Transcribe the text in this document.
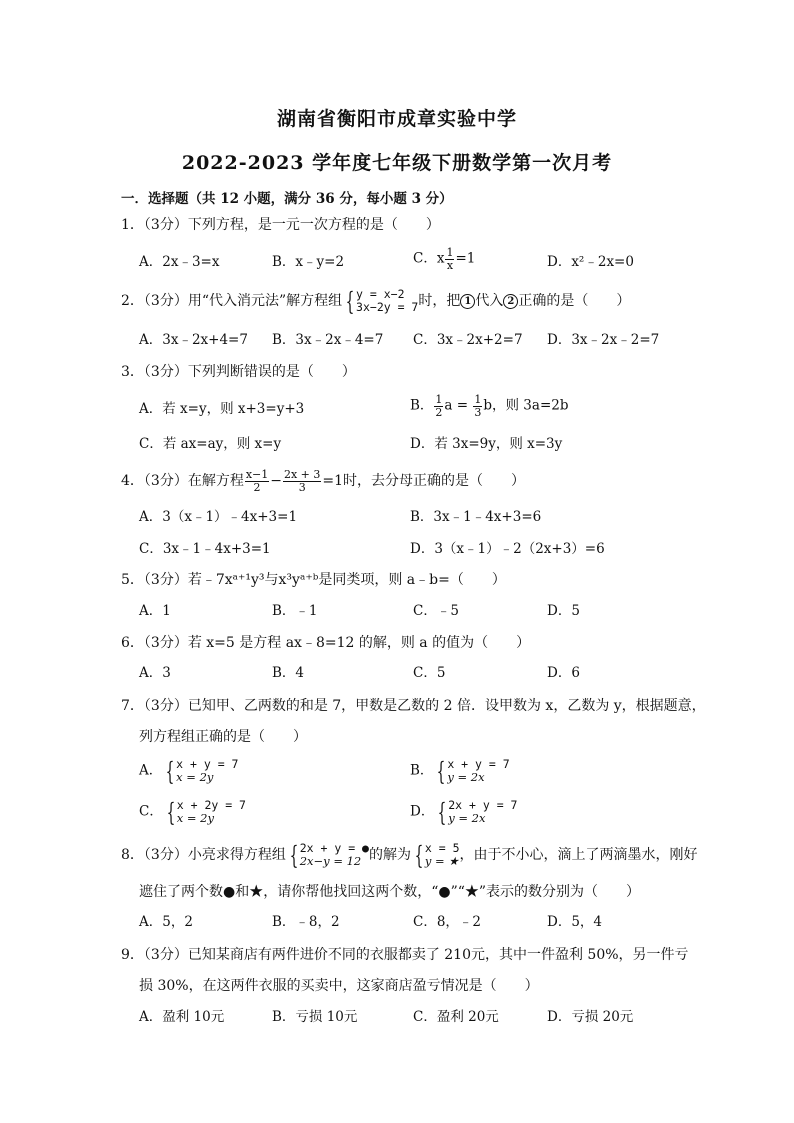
湖南省衡阳市成章实验中学
2022-2023 学年度七年级下册数学第一次月考
一．选择题（共 12 小题，满分 36 分，每小题 3 分）
1．（3分）下列方程，是一元一次方程的是（　　）
A．2x﹣3=x	B．x﹣y=2	C．x $\frac{1}{x} =1$	D．x²﹣2x=0
2．（3分）用“代入消元法”解方程组 { y = x−2
3x−2y = 7 时，把 1 代入 2 正确的是（　　）
A．3x﹣2x+4=7 B．3x﹣2x﹣4=7 C．3x﹣2x+2=7 D．3x﹣2x﹣2=7
3．（3分）下列判断错误的是（　　）
A．若 x=y，则 x+3=y+3	B． $\frac{1}{2}$ $a = \frac{1}{3}$ b，则 3a=2b
C．若 ax=ay，则 x=y	D．若 3x=9y，则 x=3y
4．（3分）在解方程 $\frac{x-1}{2} - \frac{2x + 3}{3} =1$时，去分母正确的是（　　）
A．3（x﹣1）﹣4x+3=1	B．3x﹣1﹣4x+3=6
C．3x﹣1﹣4x+3=1	D．3（x﹣1）﹣2（2x+3）=6
5．（3分）若﹣7xᵃ⁺¹y³与x³yᵃ⁺ᵇ是同类项，则 a﹣b=（　　）
A．1	B．﹣1	C．﹣5	D．5
6．（3分）若 x=5 是方程 ax﹣8=12 的解，则 a 的值为（　　）
A．3	B．4	C．5	D．6
7．（3分）已知甲、乙两数的和是 7，甲数是乙数的 2 倍．设甲数为 x，乙数为 y，根据题意，
列方程组正确的是（　　）
A． { x + y = 7
x = 2y	B． { x + y = 7
y = 2x
C． { x + 2y = 7
x = 2y	D． { 2x + y = 7
y = 2x
8．（3分）小亮求得方程组 { 2x + y = ●
2x−y = 12 的解为 { x = 5
y = ★ ，由于不小心，滴上了两滴墨水，刚好
遮住了两个数●和★，请你帮他找回这两个数，“●”“★”表示的数分别为（　　）
A．5，2	B．﹣8，2	C．8，﹣2	D．5，4
9．（3分）已知某商店有两件进价不同的衣服都卖了 210元，其中一件盈利 50%，另一件亏
损 30%，在这两件衣服的买卖中，这家商店盈亏情况是（　　）
A．盈利 10元	B．亏损 10元	C．盈利 20元	D．亏损 20元
